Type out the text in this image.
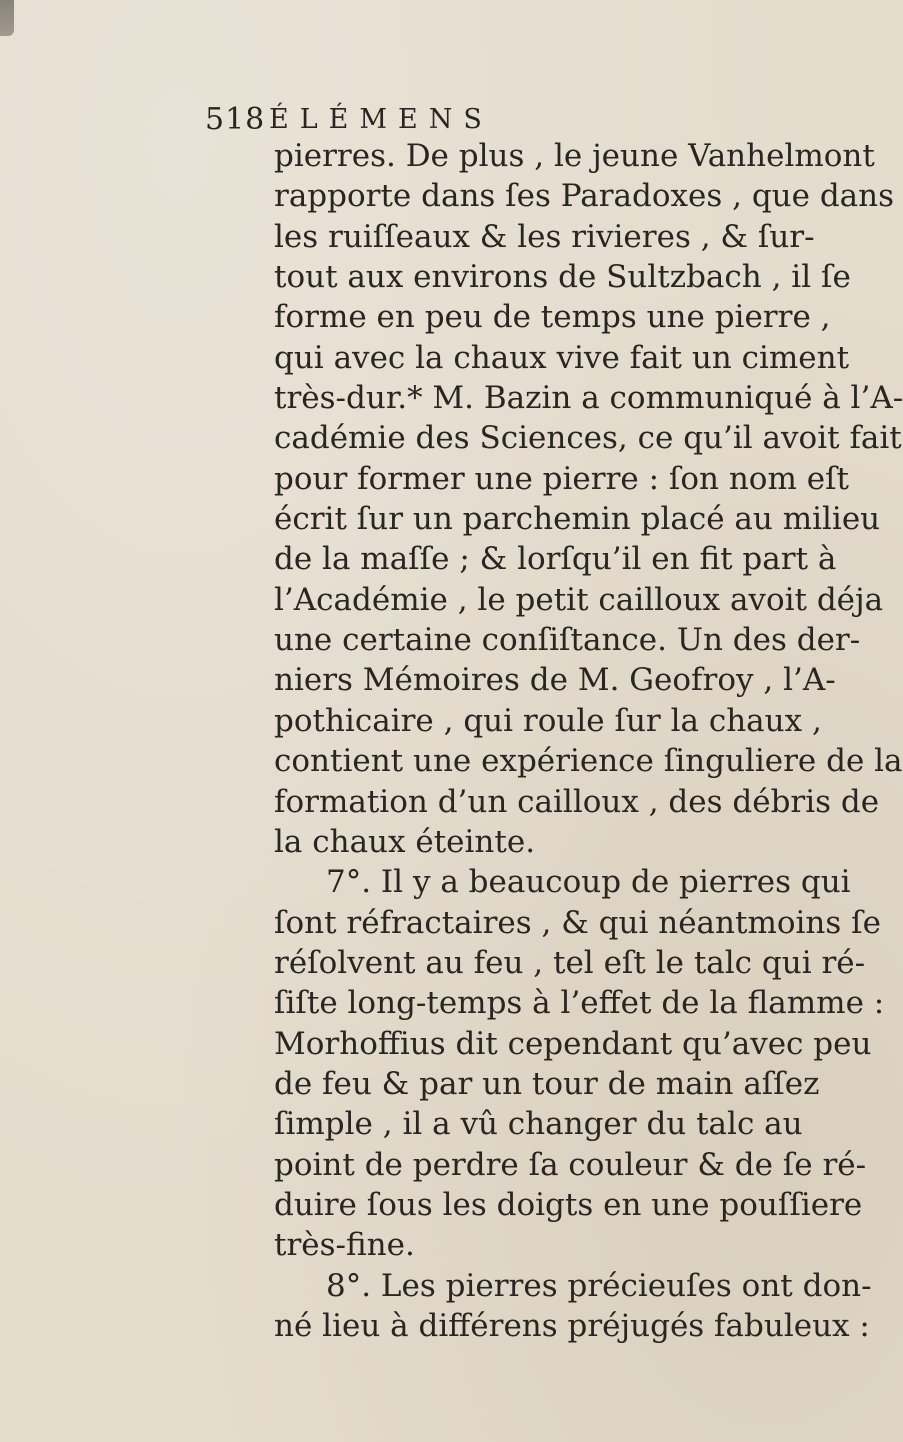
518 ÉLÉMENS
pierres. De plus , le jeune Vanhelmont
rapporte dans ſes Paradoxes , que dans
les ruiſſeaux & les rivieres , & ſur-
tout aux environs de Sultzbach , il ſe
forme en peu de temps une pierre ,
qui avec la chaux vive fait un ciment
très-dur.* M. Bazin a communiqué à l’A-
cadémie des Sciences, ce qu’il avoit fait
pour former une pierre : ſon nom eſt
écrit ſur un parchemin placé au milieu
de la maſſe ; & lorſqu’il en fit part à
l’Académie , le petit cailloux avoit déja
une certaine conſiſtance. Un des der-
niers Mémoires de M. Geofroy , l’A-
pothicaire , qui roule ſur la chaux ,
contient une expérience ſinguliere de la
formation d’un cailloux , des débris de
la chaux éteinte.
7°. Il y a beaucoup de pierres qui
ſont réfractaires , & qui néantmoins ſe
réſolvent au feu , tel eſt le talc qui ré-
ſiſte long-temps à l’effet de la flamme :
Morhoffius dit cependant qu’avec peu
de feu & par un tour de main aſſez
ſimple , il a vû changer du talc au
point de perdre ſa couleur & de ſe ré-
duire ſous les doigts en une pouſſiere
très-fine.
8°. Les pierres précieuſes ont don-
né lieu à différens préjugés fabuleux :
